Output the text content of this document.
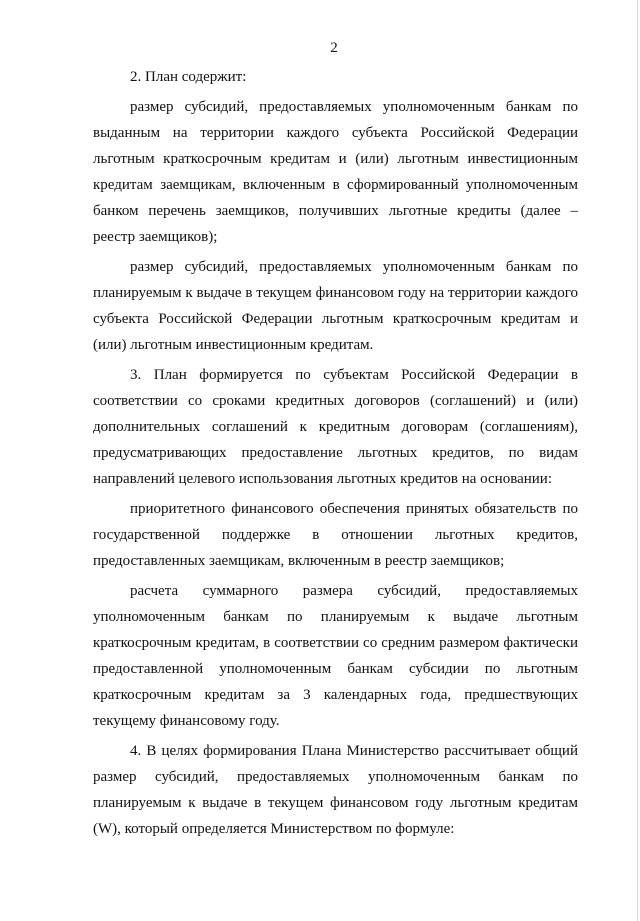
2

2. План содержит:

размер субсидий, предоставляемых уполномоченным банкам по выданным на территории каждого субъекта Российской Федерации льготным краткосрочным кредитам и (или) льготным инвестиционным кредитам заемщикам, включенным в сформированный уполномоченным банком перечень заемщиков, получивших льготные кредиты (далее – реестр заемщиков);

размер субсидий, предоставляемых уполномоченным банкам по планируемым к выдаче в текущем финансовом году на территории каждого субъекта Российской Федерации льготным краткосрочным кредитам и (или) льготным инвестиционным кредитам.

3. План формируется по субъектам Российской Федерации в соответствии со сроками кредитных договоров (соглашений) и (или) дополнительных соглашений к кредитным договорам (соглашениям), предусматривающих предоставление льготных кредитов, по видам направлений целевого использования льготных кредитов на основании:

приоритетного финансового обеспечения принятых обязательств по государственной поддержке в отношении льготных кредитов, предоставленных заемщикам, включенным в реестр заемщиков;

расчета суммарного размера субсидий, предоставляемых уполномоченным банкам по планируемым к выдаче льготным краткосрочным кредитам, в соответствии со средним размером фактически предоставленной уполномоченным банкам субсидии по льготным краткосрочным кредитам за 3 календарных года, предшествующих текущему финансовому году.

4. В целях формирования Плана Министерство рассчитывает общий размер субсидий, предоставляемых уполномоченным банкам по планируемым к выдаче в текущем финансовом году льготным кредитам (W), который определяется Министерством по формуле:
